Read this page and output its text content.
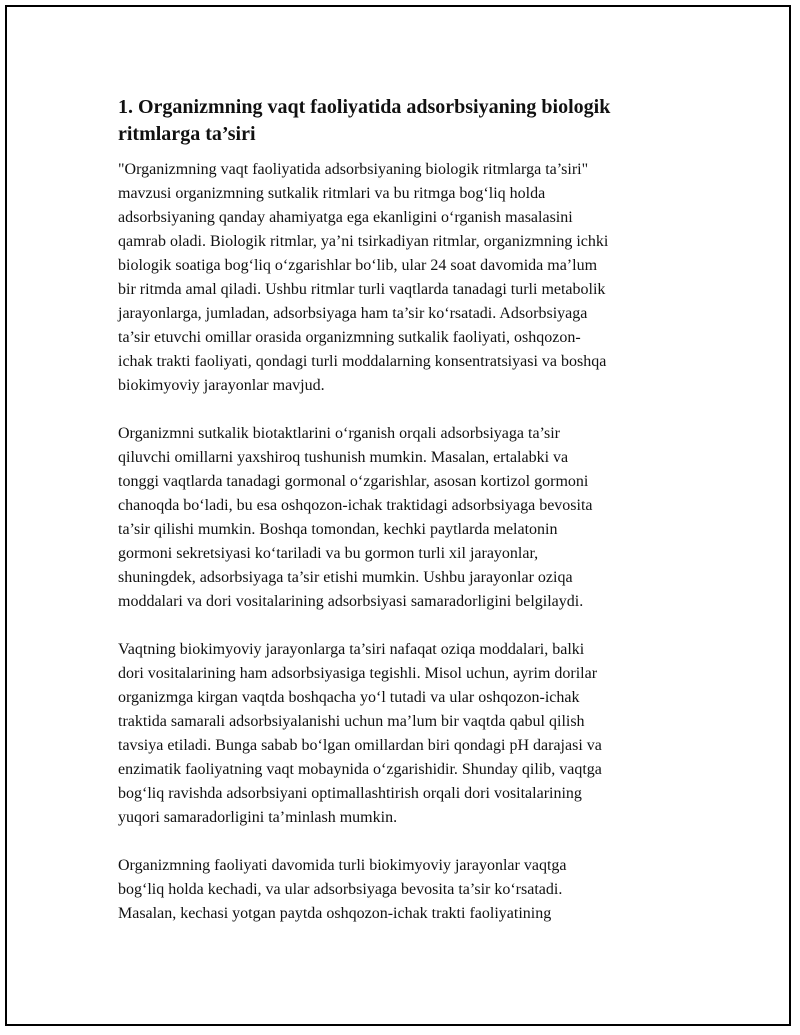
1. Organizmning vaqt faoliyatida adsorbsiyaning biologik
ritmlarga ta’siri

"Organizmning vaqt faoliyatida adsorbsiyaning biologik ritmlarga ta’siri"
mavzusi organizmning sutkalik ritmlari va bu ritmga bog‘liq holda
adsorbsiyaning qanday ahamiyatga ega ekanligini o‘rganish masalasini
qamrab oladi. Biologik ritmlar, ya’ni tsirkadiyan ritmlar, organizmning ichki
biologik soatiga bog‘liq o‘zgarishlar bo‘lib, ular 24 soat davomida ma’lum
bir ritmda amal qiladi. Ushbu ritmlar turli vaqtlarda tanadagi turli metabolik
jarayonlarga, jumladan, adsorbsiyaga ham ta’sir ko‘rsatadi. Adsorbsiyaga
ta’sir etuvchi omillar orasida organizmning sutkalik faoliyati, oshqozon-
ichak trakti faoliyati, qondagi turli moddalarning konsentratsiyasi va boshqa
biokimyoviy jarayonlar mavjud.

Organizmni sutkalik biotaktlarini o‘rganish orqali adsorbsiyaga ta’sir
qiluvchi omillarni yaxshiroq tushunish mumkin. Masalan, ertalabki va
tonggi vaqtlarda tanadagi gormonal o‘zgarishlar, asosan kortizol gormoni
chanoqda bo‘ladi, bu esa oshqozon-ichak traktidagi adsorbsiyaga bevosita
ta’sir qilishi mumkin. Boshqa tomondan, kechki paytlarda melatonin
gormoni sekretsiyasi ko‘tariladi va bu gormon turli xil jarayonlar,
shuningdek, adsorbsiyaga ta’sir etishi mumkin. Ushbu jarayonlar oziqa
moddalari va dori vositalarining adsorbsiyasi samaradorligini belgilaydi.

Vaqtning biokimyoviy jarayonlarga ta’siri nafaqat oziqa moddalari, balki
dori vositalarining ham adsorbsiyasiga tegishli. Misol uchun, ayrim dorilar
organizmga kirgan vaqtda boshqacha yo‘l tutadi va ular oshqozon-ichak
traktida samarali adsorbsiyalanishi uchun ma’lum bir vaqtda qabul qilish
tavsiya etiladi. Bunga sabab bo‘lgan omillardan biri qondagi pH darajasi va
enzimatik faoliyatning vaqt mobaynida o‘zgarishidir. Shunday qilib, vaqtga
bog‘liq ravishda adsorbsiyani optimallashtirish orqali dori vositalarining
yuqori samaradorligini ta’minlash mumkin.

Organizmning faoliyati davomida turli biokimyoviy jarayonlar vaqtga
bog‘liq holda kechadi, va ular adsorbsiyaga bevosita ta’sir ko‘rsatadi.
Masalan, kechasi yotgan paytda oshqozon-ichak trakti faoliyatining
